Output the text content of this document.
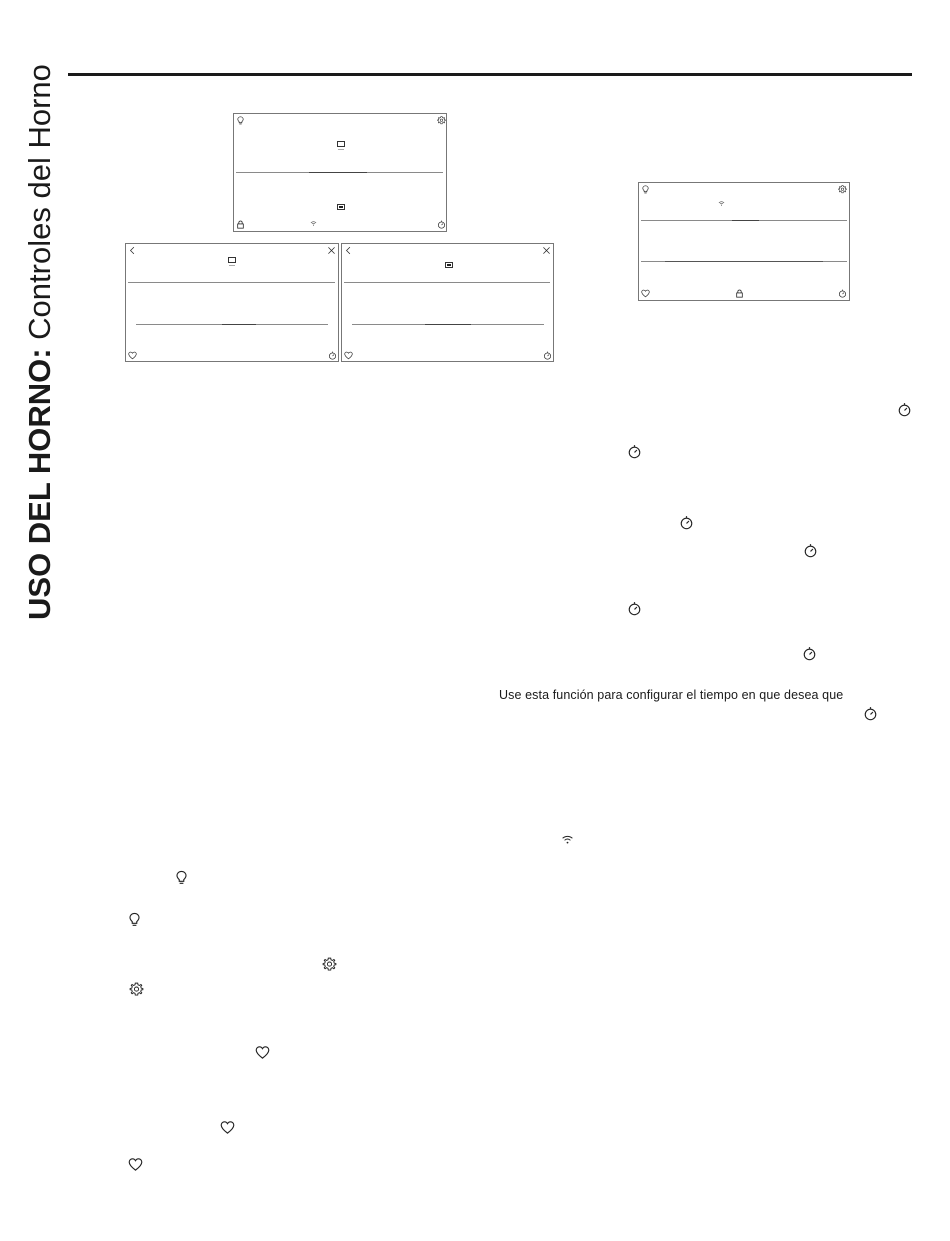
USO DEL HORNO: Controles del Horno
Use esta función para configurar el tiempo en que desea que
